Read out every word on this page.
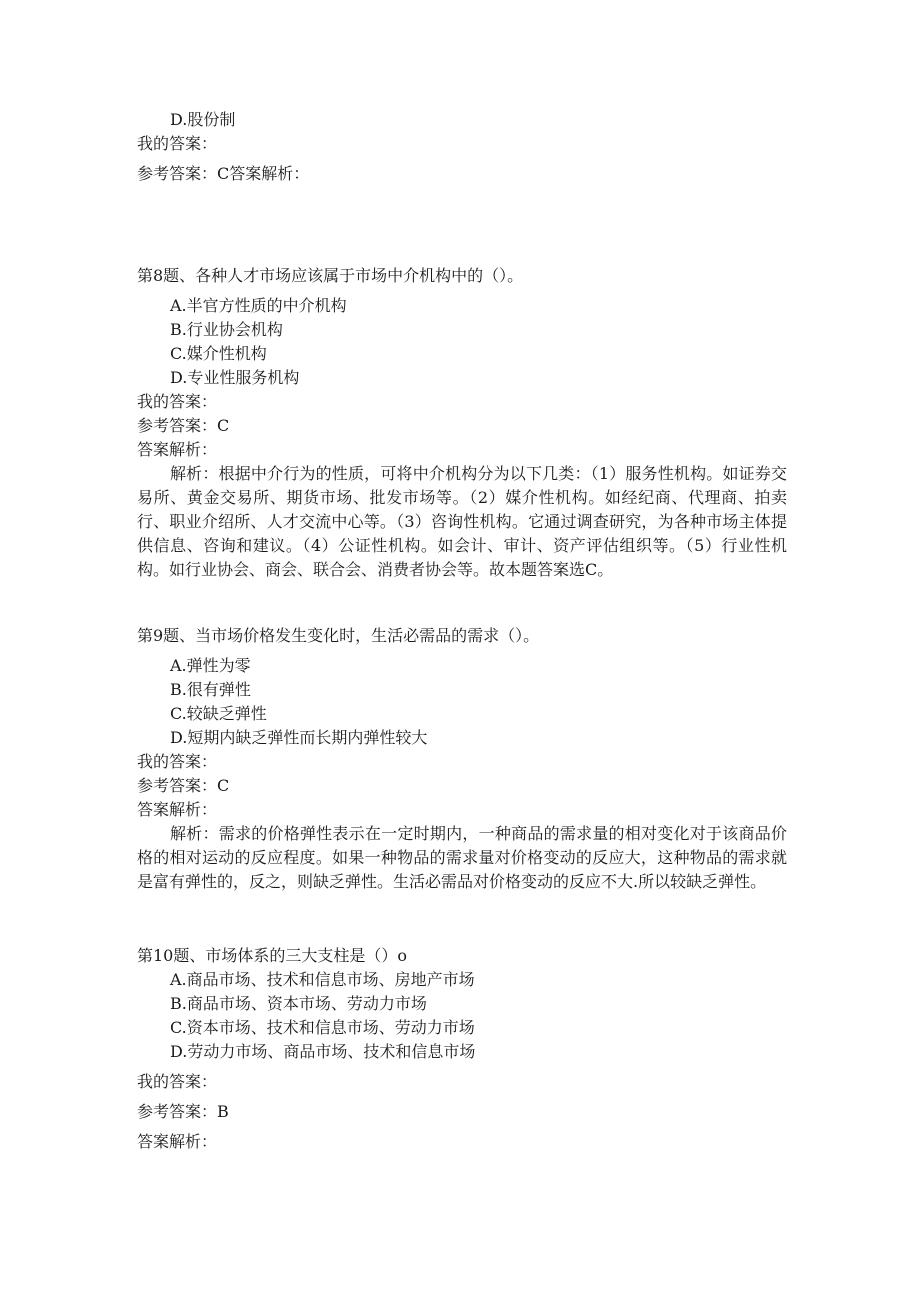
D.股份制
我的答案：
参考答案：C答案解析：
第8题、各种人才市场应该属于市场中介机构中的（）。
A.半官方性质的中介机构
B.行业协会机构
C.媒介性机构
D.专业性服务机构
我的答案：
参考答案：C
答案解析：
解析：根据中介行为的性质，可将中介机构分为以下几类：（1）服务性机构。如证券交易所、黄金交易所、期货市场、批发市场等。（2）媒介性机构。如经纪商、代理商、拍卖行、职业介绍所、人才交流中心等。（3）咨询性机构。它通过调查研究，为各种市场主体提供信息、咨询和建议。（4）公证性机构。如会计、审计、资产评估组织等。（5）行业性机构。如行业协会、商会、联合会、消费者协会等。故本题答案选C。
第9题、当市场价格发生变化时，生活必需品的需求（）。
A.弹性为零
B.很有弹性
C.较缺乏弹性
D.短期内缺乏弹性而长期内弹性较大
我的答案：
参考答案：C
答案解析：
解析：需求的价格弹性表示在一定时期内，一种商品的需求量的相对变化对于该商品价格的相对运动的反应程度。如果一种物品的需求量对价格变动的反应大，这种物品的需求就是富有弹性的，反之，则缺乏弹性。生活必需品对价格变动的反应不大.所以较缺乏弹性。
第10题、市场体系的三大支柱是（）o
A.商品市场、技术和信息市场、房地产市场
B.商品市场、资本市场、劳动力市场
C.资本市场、技术和信息市场、劳动力市场
D.劳动力市场、商品市场、技术和信息市场
我的答案：
参考答案：B
答案解析：
